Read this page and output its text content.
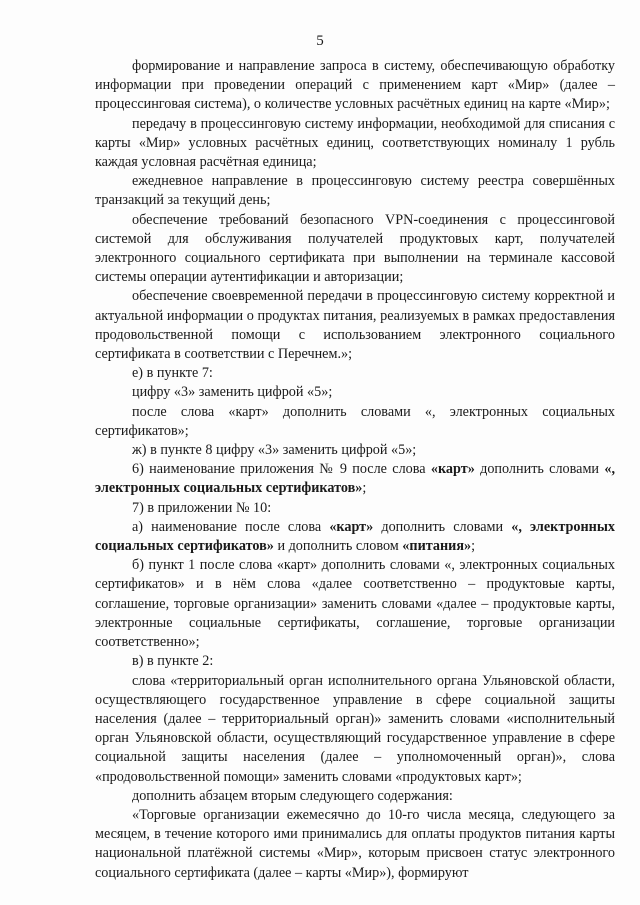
5

формирование и направление запроса в систему, обеспечивающую обработку информации при проведении операций с применением карт «Мир» (далее – процессинговая система), о количестве условных расчётных единиц на карте «Мир»;

передачу в процессинговую систему информации, необходимой для списания с карты «Мир» условных расчётных единиц, соответствующих номиналу 1 рубль каждая условная расчётная единица;

ежедневное направление в процессинговую систему реестра совершённых транзакций за текущий день;

обеспечение требований безопасного VPN-соединения с процессинговой системой для обслуживания получателей продуктовых карт, получателей электронного социального сертификата при выполнении на терминале кассовой системы операции аутентификации и авторизации;

обеспечение своевременной передачи в процессинговую систему корректной и актуальной информации о продуктах питания, реализуемых в рамках предоставления продовольственной помощи с использованием электронного социального сертификата в соответствии с Перечнем.»;

е) в пункте 7:

цифру «3» заменить цифрой «5»;

после слова «карт» дополнить словами «, электронных социальных сертификатов»;

ж) в пункте 8 цифру «3» заменить цифрой «5»;

6) наименование приложения № 9 после слова «карт» дополнить словами «, электронных социальных сертификатов»;

7) в приложении № 10:

а) наименование после слова «карт» дополнить словами «, электронных социальных сертификатов» и дополнить словом «питания»;

б) пункт 1 после слова «карт» дополнить словами «, электронных социальных сертификатов» и в нём слова «далее соответственно – продуктовые карты, соглашение, торговые организации» заменить словами «далее – продуктовые карты, электронные социальные сертификаты, соглашение, торговые организации соответственно»;

в) в пункте 2:

слова «территориальный орган исполнительного органа Ульяновской области, осуществляющего государственное управление в сфере социальной защиты населения (далее – территориальный орган)» заменить словами «исполнительный орган Ульяновской области, осуществляющий государственное управление в сфере социальной защиты населения (далее – уполномоченный орган)», слова «продовольственной помощи» заменить словами «продуктовых карт»;

дополнить абзацем вторым следующего содержания:

«Торговые организации ежемесячно до 10-го числа месяца, следующего за месяцем, в течение которого ими принимались для оплаты продуктов питания карты национальной платёжной системы «Мир», которым присвоен статус электронного социального сертификата (далее – карты «Мир»), формируют
